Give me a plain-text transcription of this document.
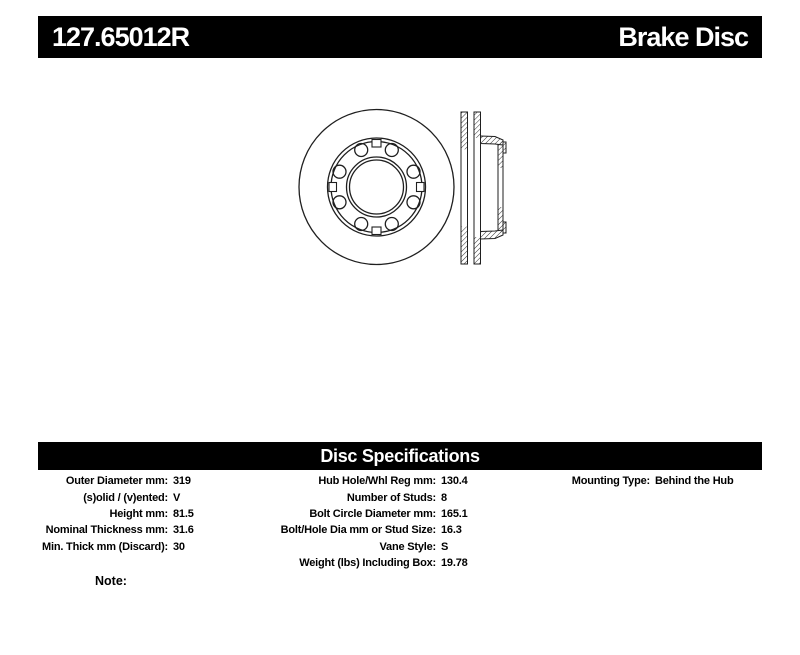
127.65012R	Brake Disc
Disc Specifications
Outer Diameter mm: 319
(s)olid / (v)ented: V
Height mm: 81.5
Nominal Thickness mm: 31.6
Min. Thick mm (Discard): 30
Hub Hole/Whl Reg mm: 130.4
Number of Studs: 8
Bolt Circle Diameter mm: 165.1
Bolt/Hole Dia mm or Stud Size: 16.3
Vane Style: S
Weight (lbs) Including Box: 19.78
Mounting Type: Behind the Hub
Note:
